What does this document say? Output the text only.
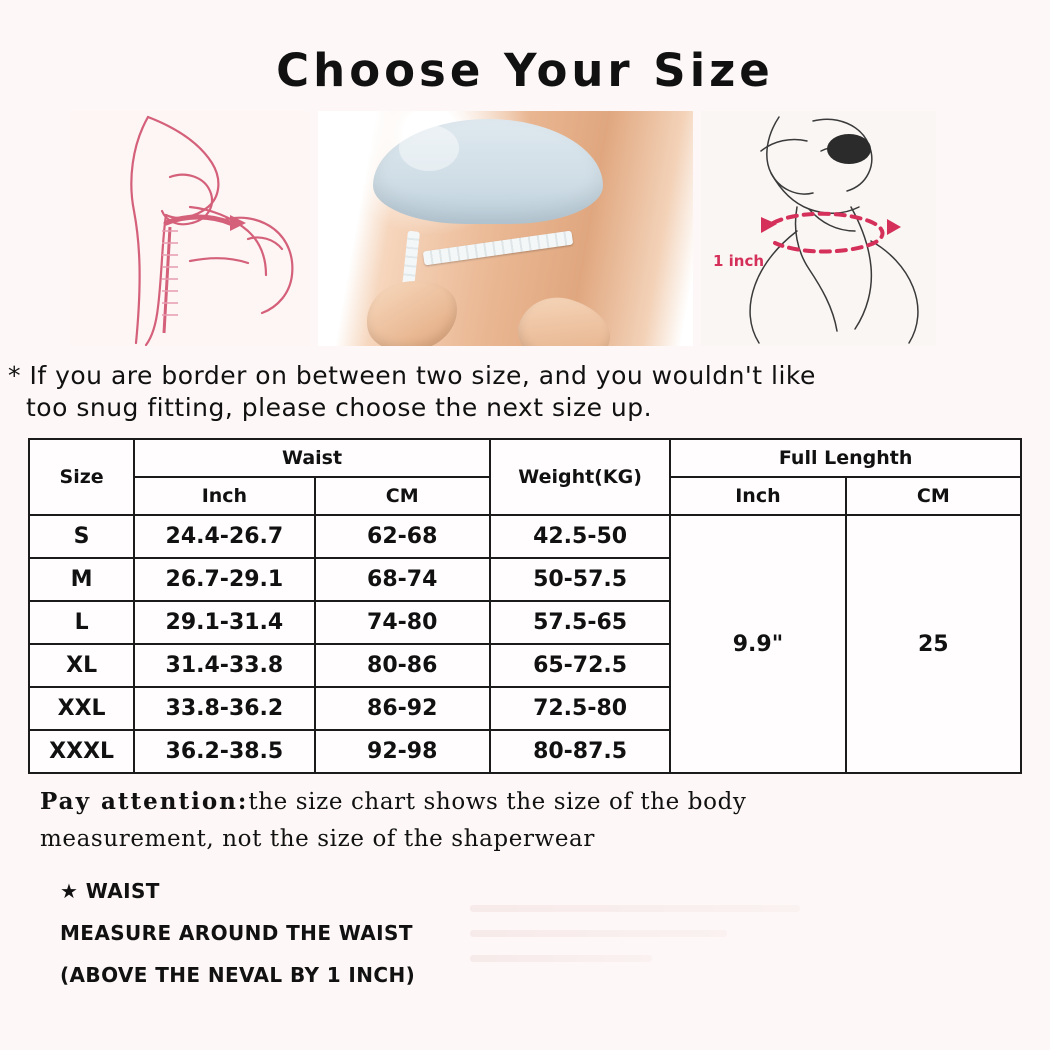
Choose Your Size
1 inch
* If you are border on between two size, and you wouldn't like
too snug fitting, please choose the next size up.
Size	Waist		Weight(KG)	Full Lenghth	
	Inch	CM		Inch	CM
S	24.4-26.7	62-68	42.5-50	9.9"	25
M	26.7-29.1	68-74	50-57.5		
L	29.1-31.4	74-80	57.5-65		
XL	31.4-33.8	80-86	65-72.5		
XXL	33.8-36.2	86-92	72.5-80		
XXXL	36.2-38.5	92-98	80-87.5		
Pay attention:the size chart shows the size of the body
measurement, not the size of the shaperwear
★ WAIST
MEASURE AROUND THE WAIST
(ABOVE THE NEVAL BY 1 INCH)
